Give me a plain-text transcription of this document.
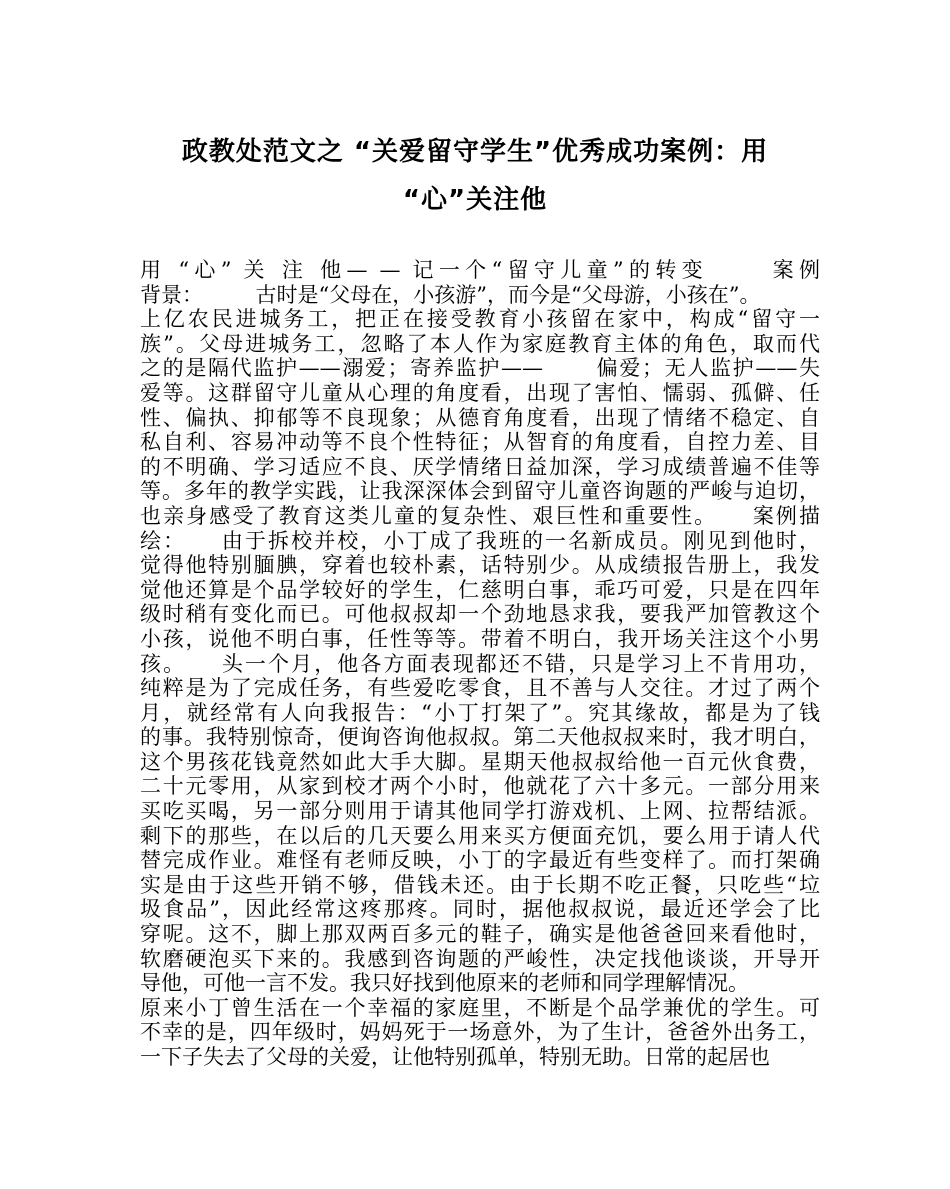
政教处范文之 “关爱留守学生”优秀成功案例：用
“心”关注他
用 “心” 关 注 他— — 记一个“留守儿童”的转变 　　案例
背景：　　　古时是“父母在，小孩游”，而今是“父母游，小孩在”。
上亿农民进城务工，把正在接受教育小孩留在家中，构成“留守一
族”。父母进城务工，忽略了本人作为家庭教育主体的角色，取而代
之的是隔代监护——溺爱；寄养监护—— 　　偏爱；无人监护——失
爱等。这群留守儿童从心理的角度看，出现了害怕、懦弱、孤僻、任
性、偏执、抑郁等不良现象；从德育角度看，出现了情绪不稳定、自
私自利、容易冲动等不良个性特征；从智育的角度看，自控力差、目
的不明确、学习适应不良、厌学情绪日益加深，学习成绩普遍不佳等
等。多年的教学实践，让我深深体会到留守儿童咨询题的严峻与迫切，
也亲身感受了教育这类儿童的复杂性、艰巨性和重要性。　　案例描
绘：　　由于拆校并校，小丁成了我班的一名新成员。刚见到他时，
觉得他特别腼腆，穿着也较朴素，话特别少。从成绩报告册上，我发
觉他还算是个品学较好的学生，仁慈明白事，乖巧可爱，只是在四年
级时稍有变化而已。可他叔叔却一个劲地恳求我，要我严加管教这个
小孩，说他不明白事，任性等等。带着不明白，我开场关注这个小男
孩。　　头一个月，他各方面表现都还不错，只是学习上不肯用功，
纯粹是为了完成任务，有些爱吃零食，且不善与人交往。才过了两个
月，就经常有人向我报告：“小丁打架了”。究其缘故，都是为了钱
的事。我特别惊奇，便询咨询他叔叔。第二天他叔叔来时，我才明白，
这个男孩花钱竟然如此大手大脚。星期天他叔叔给他一百元伙食费，
二十元零用，从家到校才两个小时，他就花了六十多元。一部分用来
买吃买喝，另一部分则用于请其他同学打游戏机、上网、拉帮结派。
剩下的那些，在以后的几天要么用来买方便面充饥，要么用于请人代
替完成作业。难怪有老师反映，小丁的字最近有些变样了。而打架确
实是由于这些开销不够，借钱未还。由于长期不吃正餐，只吃些“垃
圾食品”，因此经常这疼那疼。同时，据他叔叔说，最近还学会了比
穿呢。这不，脚上那双两百多元的鞋子，确实是他爸爸回来看他时，
软磨硬泡买下来的。我感到咨询题的严峻性，决定找他谈谈，开导开
导他，可他一言不发。我只好找到他原来的老师和同学理解情况。
原来小丁曾生活在一个幸福的家庭里，不断是个品学兼优的学生。可
不幸的是，四年级时，妈妈死于一场意外，为了生计，爸爸外出务工，
一下子失去了父母的关爱，让他特别孤单，特别无助。日常的起居也
